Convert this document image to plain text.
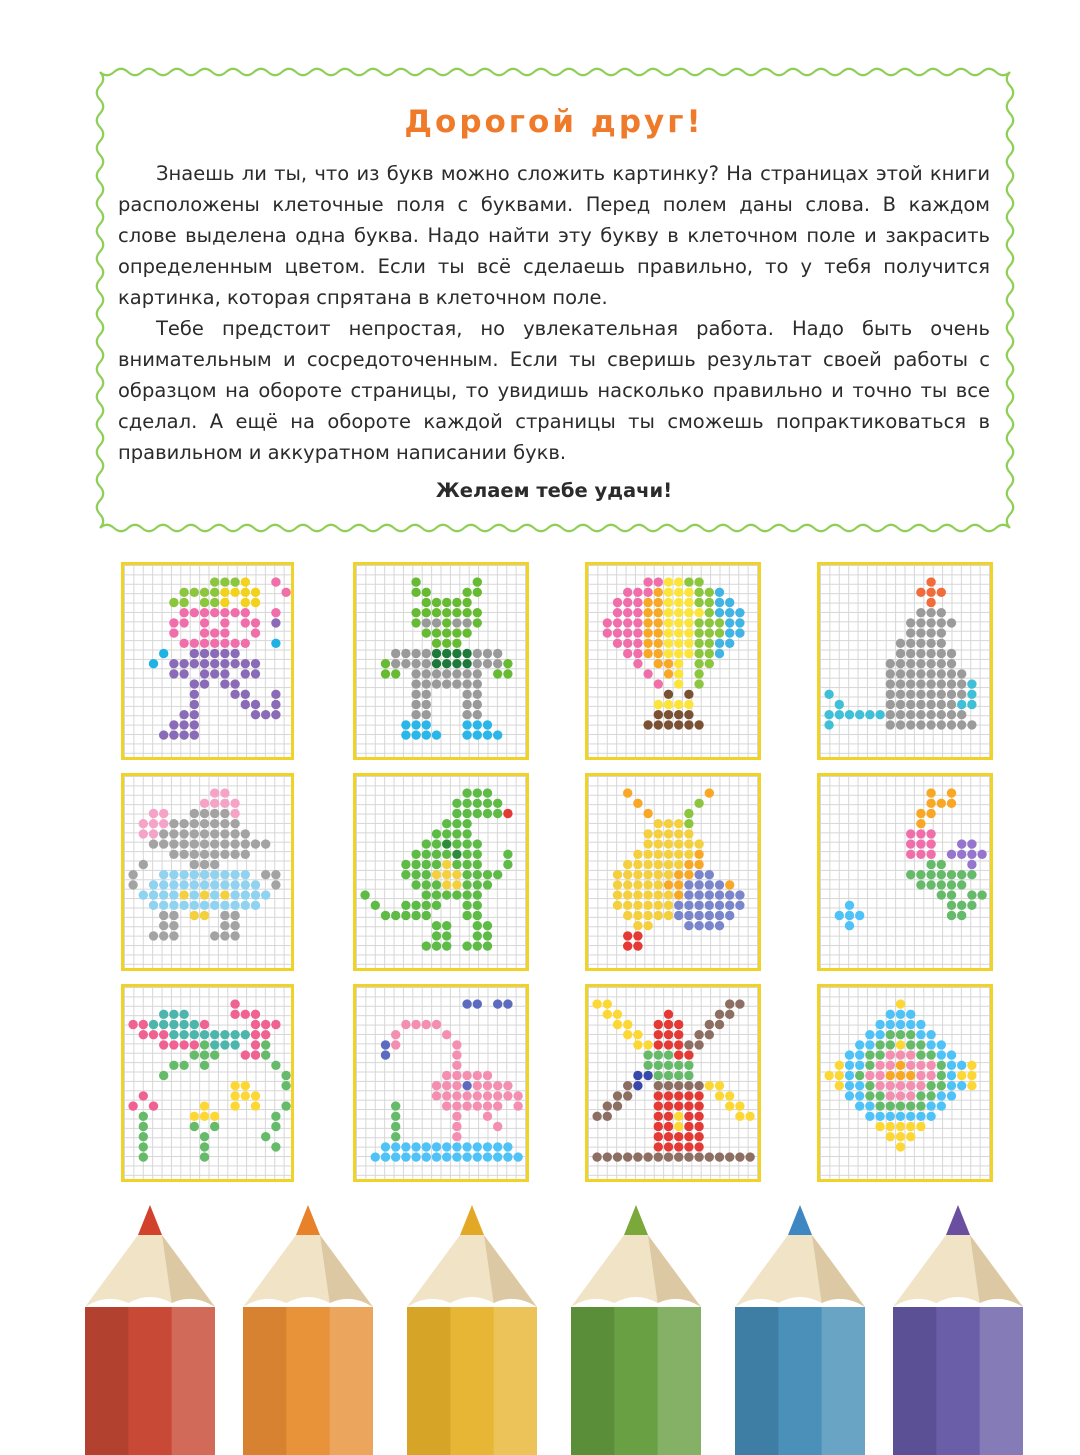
Дорогой друг!

Знаешь ли ты, что из букв можно сложить картинку? На страницах этой книги расположены клеточные поля с буквами. Перед полем даны слова. В каждом слове выделена одна буква. Надо найти эту букву в клеточном поле и закрасить определенным цветом. Если ты всё сделаешь правильно, то у тебя получится картинка, которая спрятана в клеточном поле.

Тебе предстоит непростая, но увлекательная работа. Надо быть очень внимательным и сосредоточенным. Если ты сверишь результат своей работы с образцом на обороте страницы, то увидишь насколько правильно и точно ты все сделал. А ещё на обороте каждой страницы ты сможешь попрактиковаться в правильном и аккуратном написании букв.

Желаем тебе удачи!
